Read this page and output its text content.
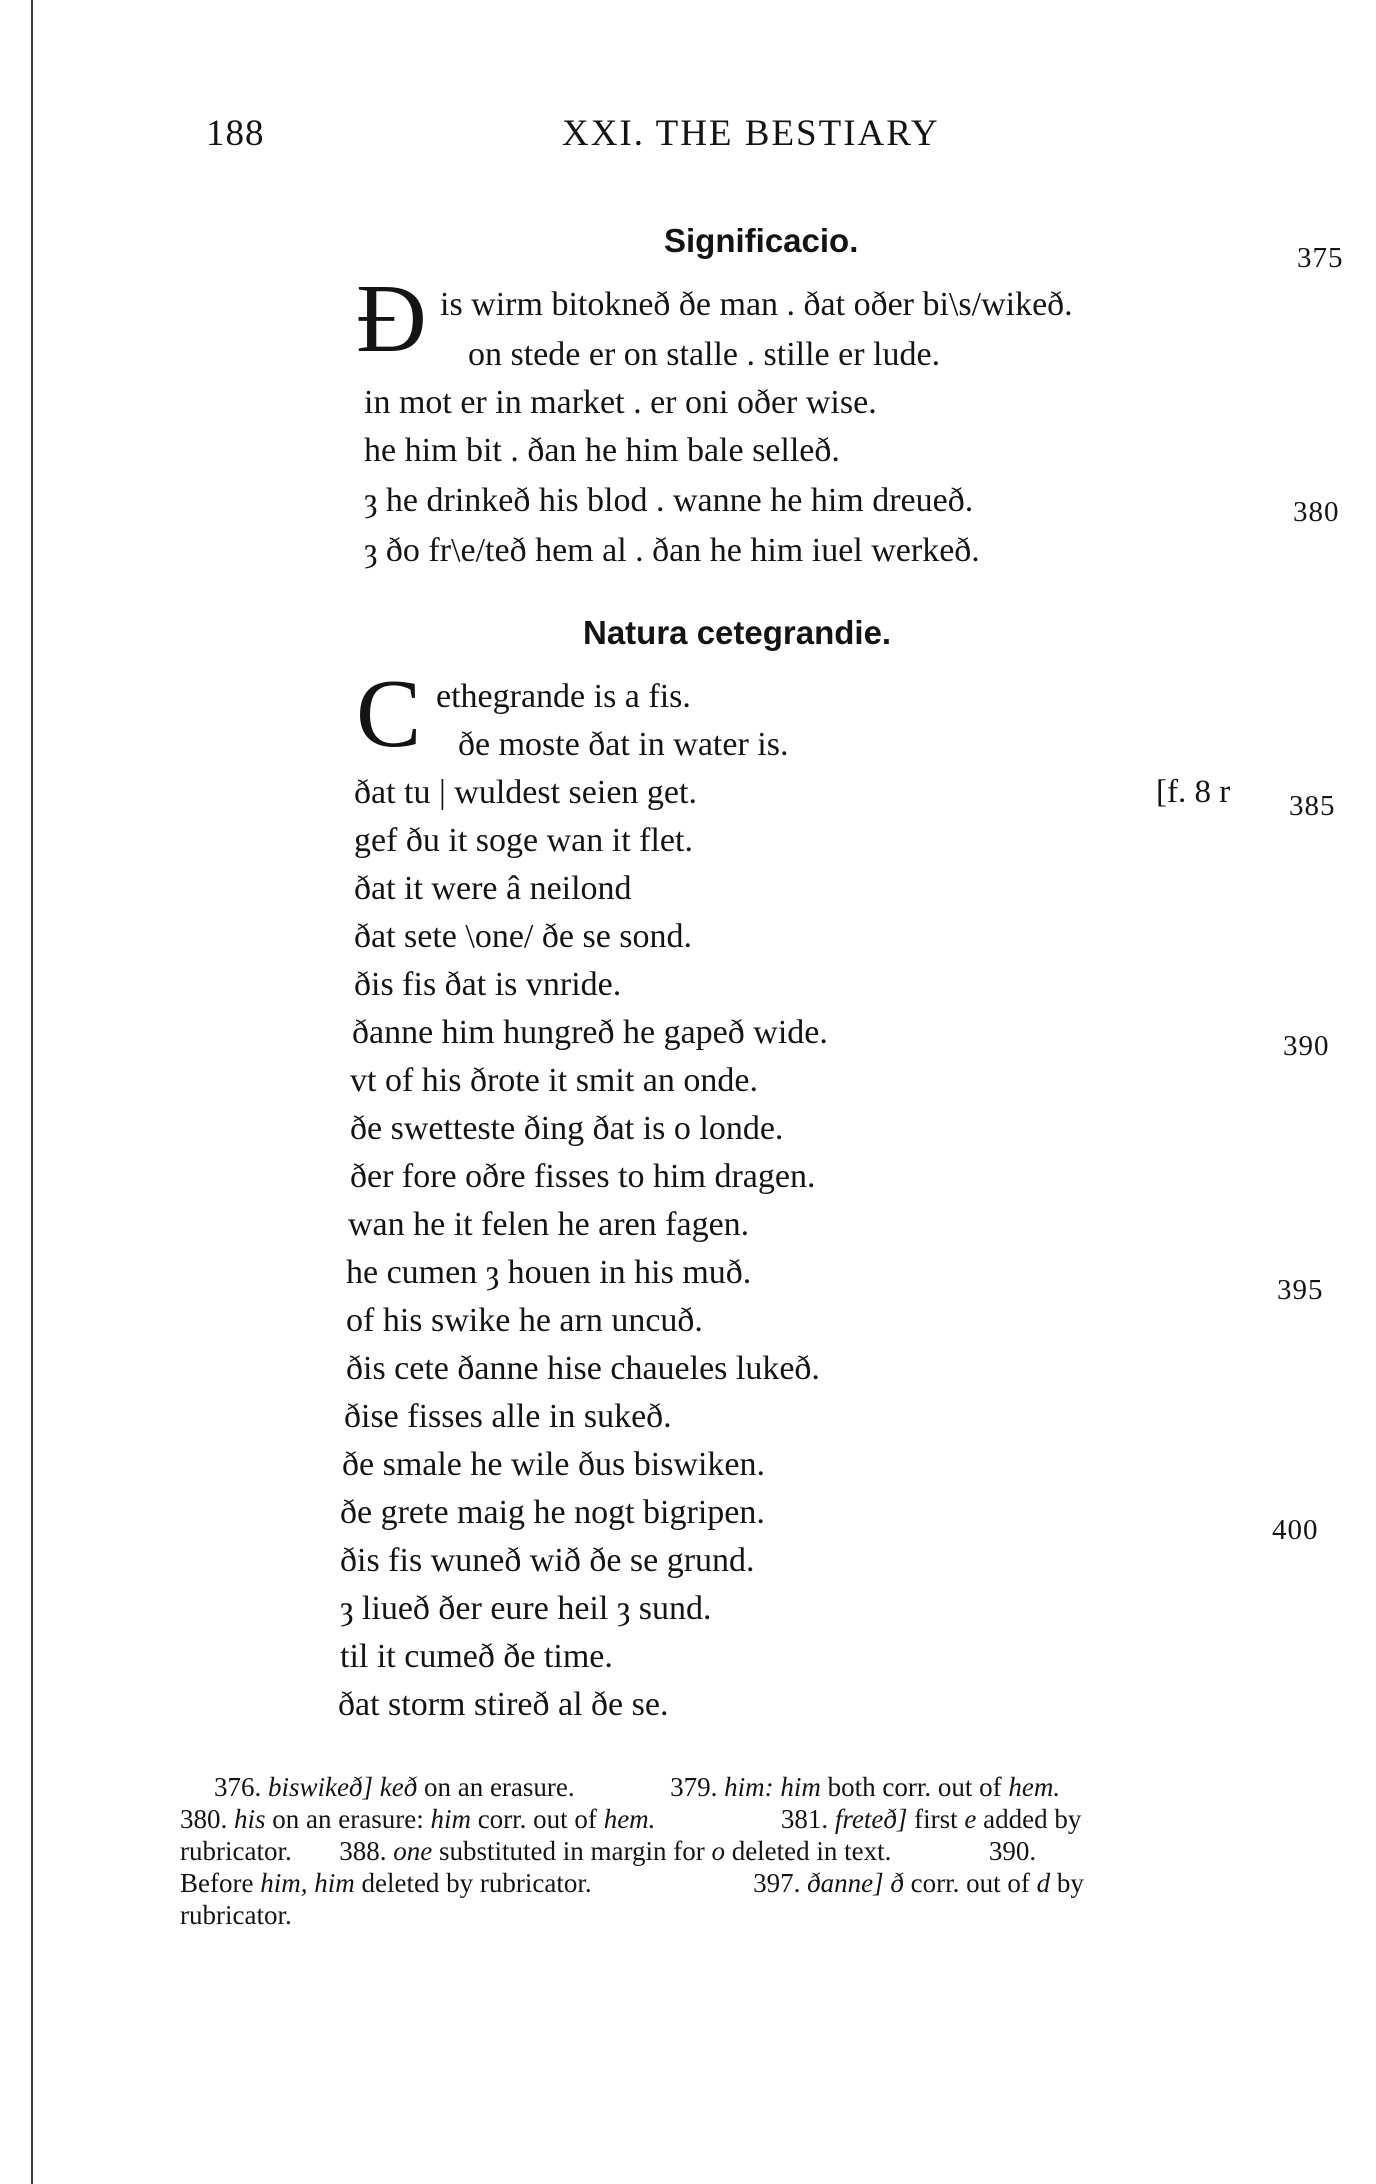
188	XXI. THE BESTIARY
Significacio.	375
Ð is wirm bitokneð ðe man . ðat oðer bi\s/wikeð.
on stede er on stalle . stille er lude.
in mot er in market . er oni oðer wise.
he him bit . ðan he him bale selleð.
ȝ he drinkeð his blod . wanne he him dreueð.	380
ȝ ðo fr\e/teð hem al . ðan he him iuel werkeð.
Natura cetegrandie.
C ethegrande is a fis.
ðe moste ðat in water is.
ðat tu | wuldest seien get.	[f. 8 r 385
gef ðu it soge wan it flet.
ðat it were â neilond
ðat sete \one/ ðe se sond.
ðis fis ðat is vnride.
ðanne him hungreð he gapeð wide.	390
vt of his ðrote it smit an onde.
ðe swetteste ðing ðat is o londe.
ðer fore oðre fisses to him dragen.
wan he it felen he aren fagen.
he cumen ȝ houen in his muð.	395
of his swike he arn uncuð.
ðis cete ðanne hise chaueles lukeð.
ðise fisses alle in sukeð.
ðe smale he wile ðus biswiken.
ðe grete maig he nogt bigripen.	400
ðis fis wuneð wið ðe se grund.
ȝ liueð ðer eure heil ȝ sund.
til it cumeð ðe time.
ðat storm stireð al ðe se.
376. biswikeð] keð on an erasure.	379. him: him both corr. out of hem.
380. his on an erasure: him corr. out of hem.	381. freteð] first e added by
rubricator. 388. one substituted in margin for o deleted in text.	390.
Before him, him deleted by rubricator.	397. ðanne] ð corr. out of d by
rubricator.
